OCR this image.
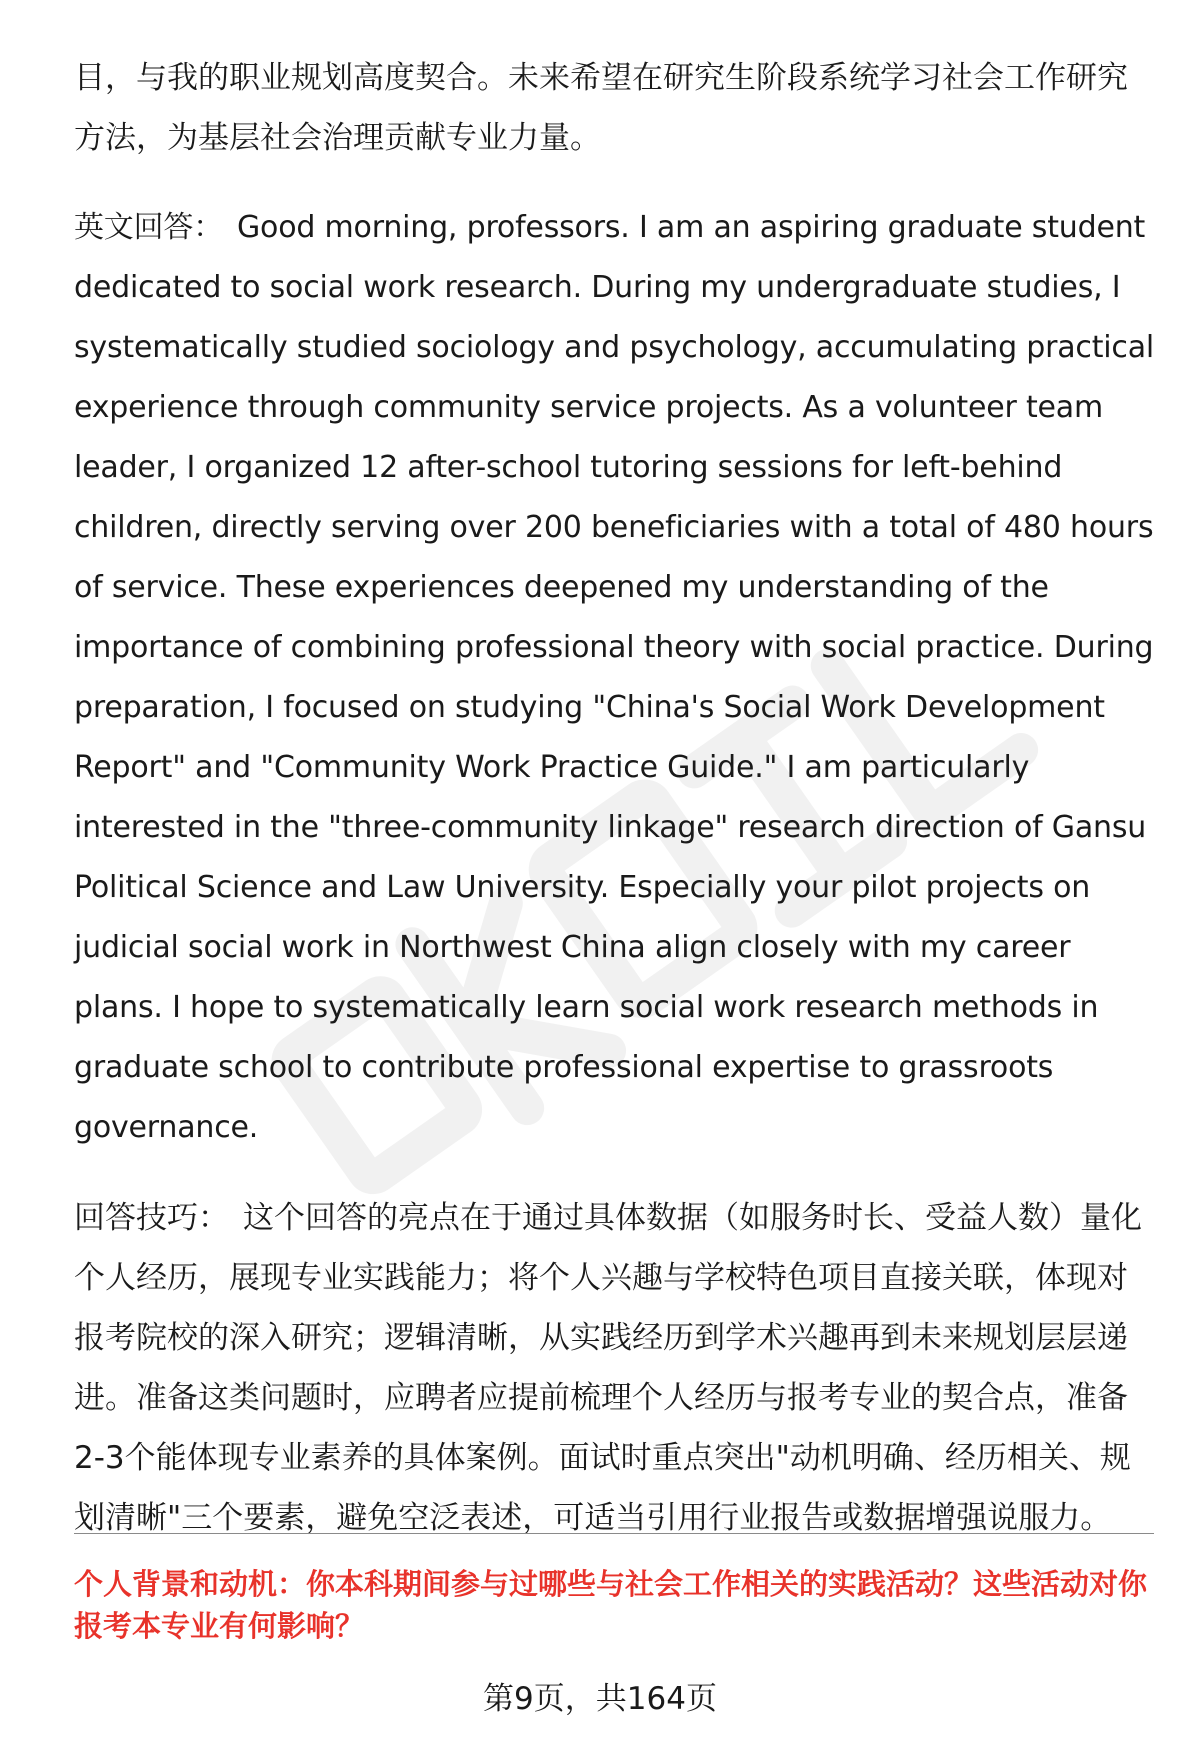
目，与我的职业规划高度契合。未来希望在研究生阶段系统学习社会工作研究方法，为基层社会治理贡献专业力量。

英文回答： Good morning, professors. I am an aspiring graduate student dedicated to social work research. During my undergraduate studies, I systematically studied sociology and psychology, accumulating practical experience through community service projects. As a volunteer team leader, I organized 12 after-school tutoring sessions for left-behind children, directly serving over 200 beneficiaries with a total of 480 hours of service. These experiences deepened my understanding of the importance of combining professional theory with social practice. During preparation, I focused on studying "China's Social Work Development Report" and "Community Work Practice Guide." I am particularly interested in the "three-community linkage" research direction of Gansu Political Science and Law University. Especially your pilot projects on judicial social work in Northwest China align closely with my career plans. I hope to systematically learn social work research methods in graduate school to contribute professional expertise to grassroots governance.

回答技巧： 这个回答的亮点在于通过具体数据（如服务时长、受益人数）量化个人经历，展现专业实践能力；将个人兴趣与学校特色项目直接关联，体现对报考院校的深入研究；逻辑清晰，从实践经历到学术兴趣再到未来规划层层递进。准备这类问题时，应聘者应提前梳理个人经历与报考专业的契合点，准备2-3个能体现专业素养的具体案例。面试时重点突出"动机明确、经历相关、规划清晰"三个要素，避免空泛表述，可适当引用行业报告或数据增强说服力。

个人背景和动机：你本科期间参与过哪些与社会工作相关的实践活动？这些活动对你报考本专业有何影响？

第9页，共164页
